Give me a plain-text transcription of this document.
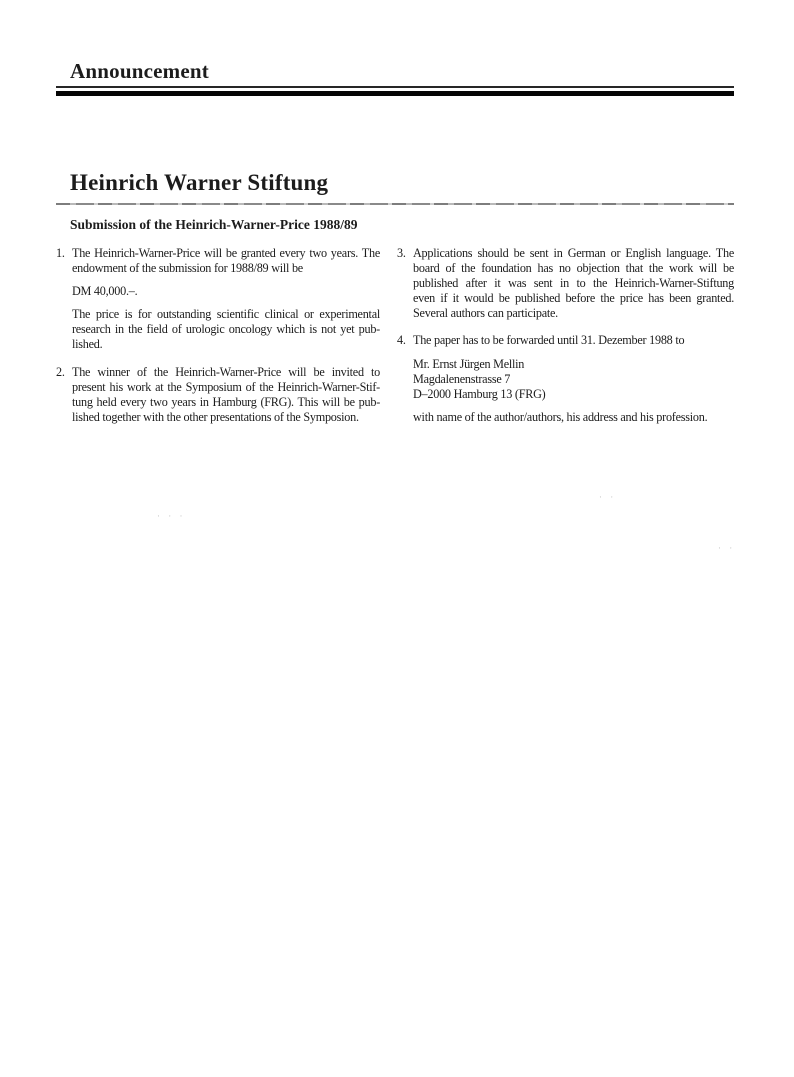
Announcement
Heinrich Warner Stiftung
Submission of the Heinrich-Warner-Price 1988/89
1. The Heinrich-Warner-Price will be granted every two years. The
endowment of the submission for 1988/89 will be
DM 40,000.–.
The price is for outstanding scientific clinical or experimental
research in the field of urologic oncology which is not yet pub-
lished.
2. The winner of the Heinrich-Warner-Price will be invited to
present his work at the Symposium of the Heinrich-Warner-Stif-
tung held every two years in Hamburg (FRG). This will be pub-
lished together with the other presentations of the Symposion.
3. Applications should be sent in German or English language. The
board of the foundation has no objection that the work will be
published after it was sent in to the Heinrich-Warner-Stiftung
even if it would be published before the price has been granted.
Several authors can participate.
4. The paper has to be forwarded until 31. Dezember 1988 to
Mr. Ernst Jürgen Mellin
Magdalenenstrasse 7
D–2000 Hamburg 13 (FRG)
with name of the author/authors, his address and his profession.
· · ·
· ·
· ·
